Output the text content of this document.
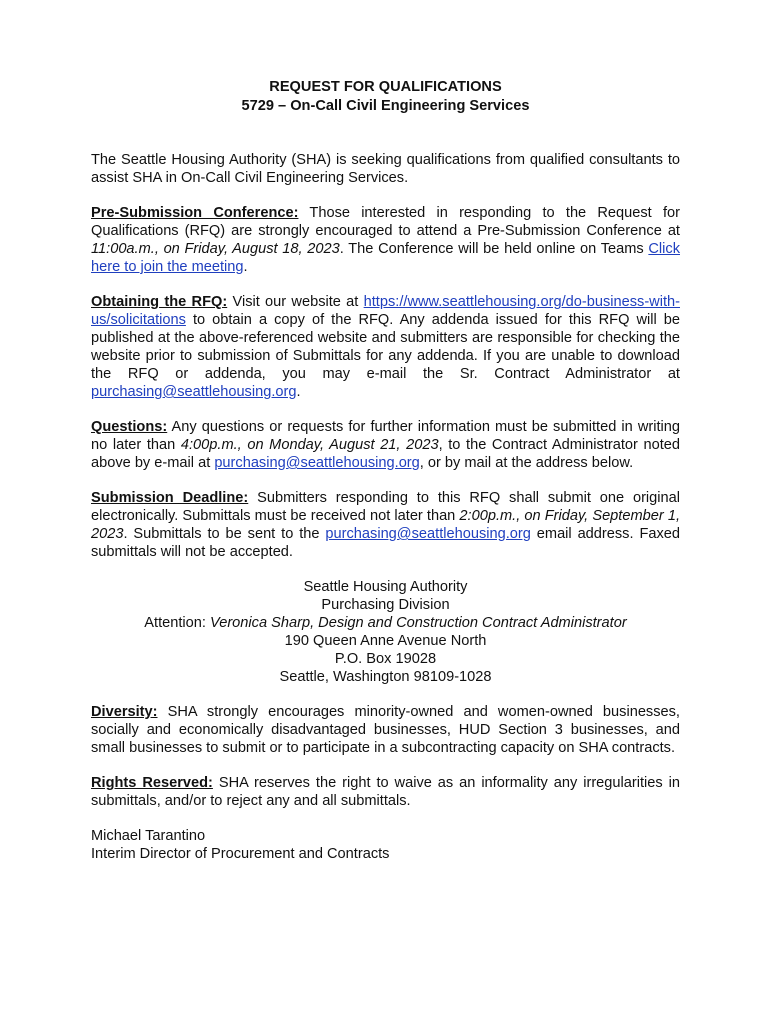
REQUEST FOR QUALIFICATIONS
5729 – On-Call Civil Engineering Services

The Seattle Housing Authority (SHA) is seeking qualifications from qualified consultants to assist SHA in On-Call Civil Engineering Services.

Pre-Submission Conference: Those interested in responding to the Request for Qualifications (RFQ) are strongly encouraged to attend a Pre-Submission Conference at 11:00a.m., on Friday, August 18, 2023. The Conference will be held online on Teams Click here to join the meeting.

Obtaining the RFQ: Visit our website at https://www.seattlehousing.org/do-business-with-us/solicitations to obtain a copy of the RFQ. Any addenda issued for this RFQ will be published at the above-referenced website and submitters are responsible for checking the website prior to submission of Submittals for any addenda. If you are unable to download the RFQ or addenda, you may e-mail the Sr. Contract Administrator at purchasing@seattlehousing.org.

Questions: Any questions or requests for further information must be submitted in writing no later than 4:00p.m., on Monday, August 21, 2023, to the Contract Administrator noted above by e-mail at purchasing@seattlehousing.org, or by mail at the address below.

Submission Deadline: Submitters responding to this RFQ shall submit one original electronically. Submittals must be received not later than 2:00p.m., on Friday, September 1, 2023. Submittals to be sent to the purchasing@seattlehousing.org email address. Faxed submittals will not be accepted.

Seattle Housing Authority
Purchasing Division
Attention: Veronica Sharp, Design and Construction Contract Administrator
190 Queen Anne Avenue North
P.O. Box 19028
Seattle, Washington 98109-1028

Diversity: SHA strongly encourages minority-owned and women-owned businesses, socially and economically disadvantaged businesses, HUD Section 3 businesses, and small businesses to submit or to participate in a subcontracting capacity on SHA contracts.

Rights Reserved: SHA reserves the right to waive as an informality any irregularities in submittals, and/or to reject any and all submittals.

Michael Tarantino
Interim Director of Procurement and Contracts
